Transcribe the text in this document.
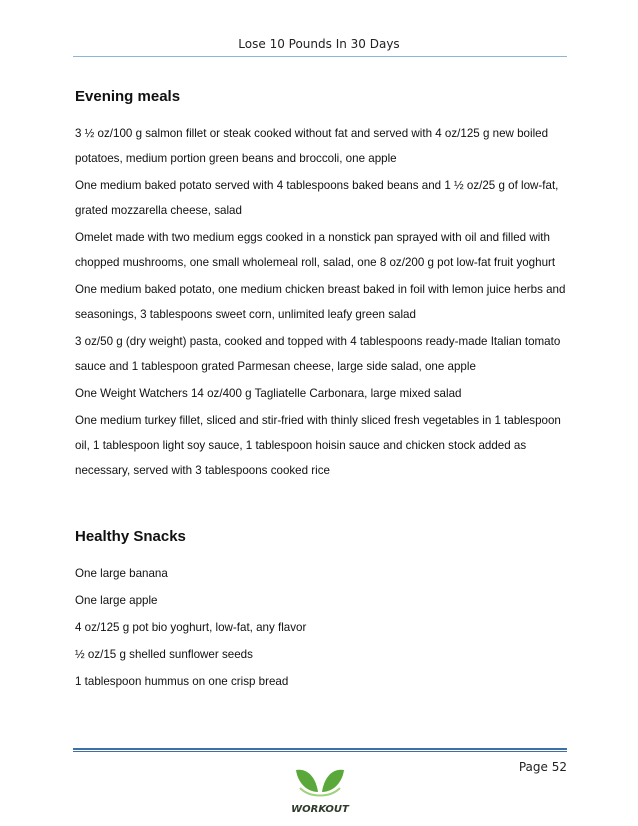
Lose 10 Pounds In 30 Days
Evening meals

3 ½ oz/100 g salmon fillet or steak cooked without fat and served with 4 oz/125 g new boiled potatoes, medium portion green beans and broccoli, one apple

One medium baked potato served with 4 tablespoons baked beans and 1 ½ oz/25 g of low-fat, grated mozzarella cheese, salad

Omelet made with two medium eggs cooked in a nonstick pan sprayed with oil and filled with chopped mushrooms, one small wholemeal roll, salad, one 8 oz/200 g pot low-fat fruit yoghurt

One medium baked potato, one medium chicken breast baked in foil with lemon juice herbs and seasonings, 3 tablespoons sweet corn, unlimited leafy green salad

3 oz/50 g (dry weight) pasta, cooked and topped with 4 tablespoons ready-made Italian tomato sauce and 1 tablespoon grated Parmesan cheese, large side salad, one apple

One Weight Watchers 14 oz/400 g Tagliatelle Carbonara, large mixed salad

One medium turkey fillet, sliced and stir-fried with thinly sliced fresh vegetables in 1 tablespoon oil, 1 tablespoon light soy sauce, 1 tablespoon hoisin sauce and chicken stock added as necessary, served with 3 tablespoons cooked rice

Healthy Snacks

One large banana

One large apple

4 oz/125 g pot bio yoghurt, low-fat, any flavor

½ oz/15 g shelled sunflower seeds

1 tablespoon hummus on one crisp bread

Page 52
WORKOUT
